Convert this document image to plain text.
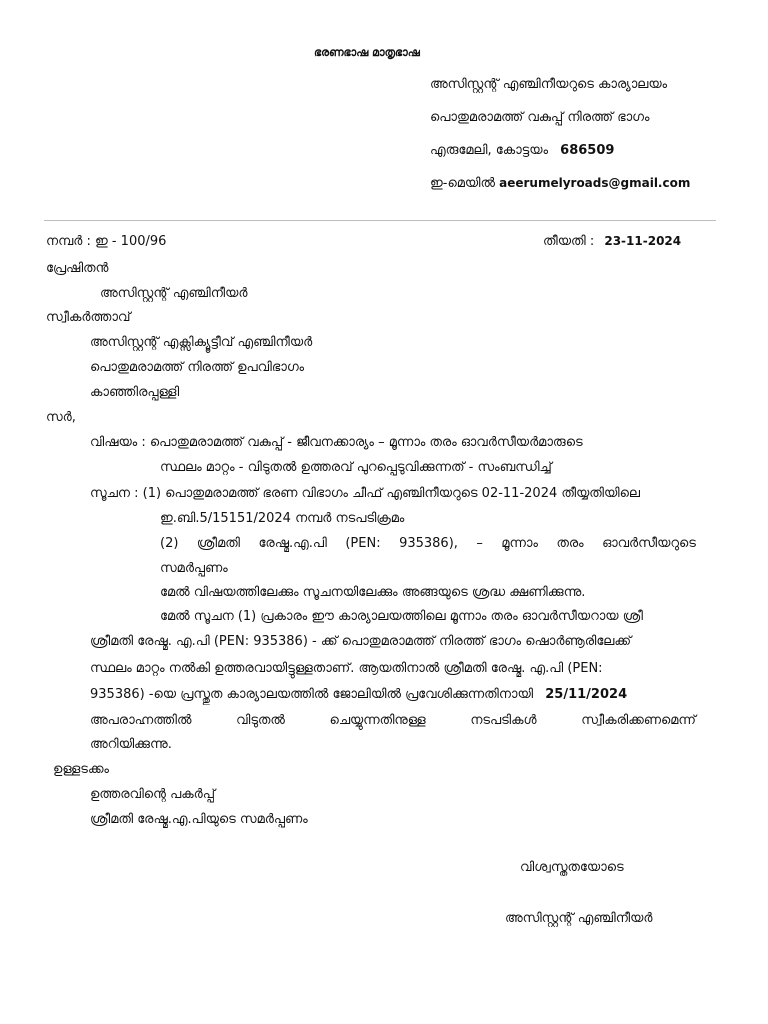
ഭരണഭാഷ മാതൃഭാഷ
അസിസ്റ്റന്റ് എഞ്ചിനീയറുടെ കാര്യാലയം
പൊതുമരാമത്ത് വകുപ്പ് നിരത്ത് ഭാഗം
എരുമേലി, കോട്ടയം 686509
ഇ-മെയിൽ aeerumelyroads@gmail.com
നമ്പർ : ഇ - 100/96	തീയതി : 23-11-2024
പ്രേഷിതൻ
അസിസ്റ്റന്റ് എഞ്ചിനീയർ
സ്വീകർത്താവ്
അസിസ്റ്റന്റ് എക്സിക്യൂട്ടീവ് എഞ്ചിനീയർ
പൊതുമരാമത്ത് നിരത്ത് ഉപവിഭാഗം
കാഞ്ഞിരപ്പള്ളി
സർ,
വിഷയം : പൊതുമരാമത്ത് വകുപ്പ് - ജീവനക്കാര്യം – മൂന്നാം തരം ഓവർസീയർമാരുടെ
സ്ഥലം മാറ്റം - വിടുതൽ ഉത്തരവ് പുറപ്പെടുവിക്കുന്നത് - സംബന്ധിച്ച്
സൂചന : (1) പൊതുമരാമത്ത് ഭരണ വിഭാഗം ചീഫ് എഞ്ചിനീയറുടെ 02-11-2024 തീയ്യതിയിലെ
ഇ.ബി.5/15151/2024 നമ്പർ നടപടിക്രമം
(2) ശ്രീമതി രേഷ്മ.എ.പി (PEN: 935386), – മൂന്നാം തരം ഓവർസീയറുടെ
സമർപ്പണം
മേൽ വിഷയത്തിലേക്കും സൂചനയിലേക്കും അങ്ങയുടെ ശ്രദ്ധ ക്ഷണിക്കുന്നു.
മേൽ സൂചന (1) പ്രകാരം ഈ കാര്യാലയത്തിലെ മൂന്നാം തരം ഓവർസീയറായ ശ്രീ
ശ്രീമതി രേഷ്മ. എ.പി (PEN: 935386) - ക്ക് പൊതുമരാമത്ത് നിരത്ത് ഭാഗം ഷൊർണൂരിലേക്ക്
സ്ഥലം മാറ്റം നൽകി ഉത്തരവായിട്ടുള്ളതാണ്. ആയതിനാൽ ശ്രീമതി രേഷ്മ. എ.പി (PEN:
935386) -യെ പ്രസ്തുത കാര്യാലയത്തിൽ ജോലിയിൽ പ്രവേശിക്കുന്നതിനായി 25/11/2024
അപരാഹ്നത്തിൽ	വിടുതൽ	ചെയ്യുന്നതിനുള്ള	നടപടികൾ	സ്വീകരിക്കണമെന്ന്
അറിയിക്കുന്നു.
ഉള്ളടക്കം
ഉത്തരവിന്റെ പകർപ്പ്
ശ്രീമതി രേഷ്മ.എ.പിയുടെ സമർപ്പണം
വിശ്വസ്തതയോടെ
അസിസ്റ്റന്റ് എഞ്ചിനീയർ
